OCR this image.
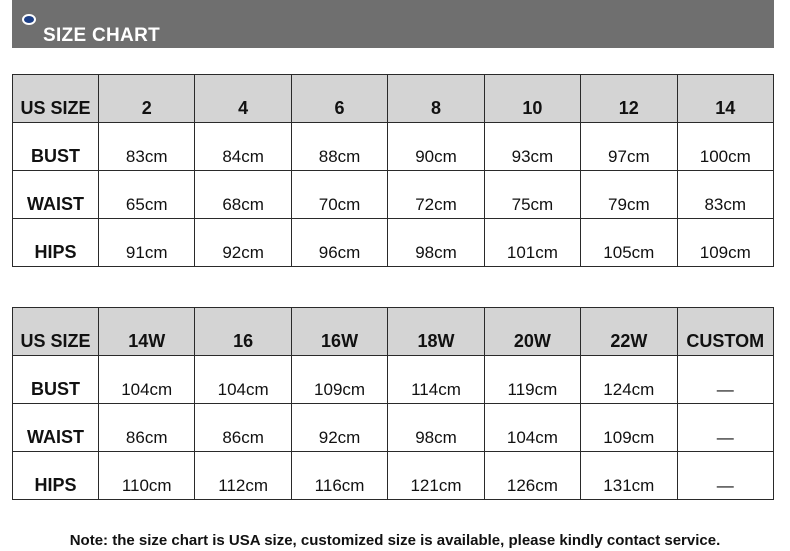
SIZE CHART
US SIZE	2	4	6	8	10	12	14
BUST	83cm	84cm	88cm	90cm	93cm	97cm	100cm
WAIST	65cm	68cm	70cm	72cm	75cm	79cm	83cm
HIPS	91cm	92cm	96cm	98cm	101cm	105cm	109cm
US SIZE	14W	16	16W	18W	20W	22W	CUSTOM
BUST	104cm	104cm	109cm	114cm	119cm	124cm	—
WAIST	86cm	86cm	92cm	98cm	104cm	109cm	—
HIPS	110cm	112cm	116cm	121cm	126cm	131cm	—
Note: the size chart is USA size, customized size is available, please kindly contact service.
